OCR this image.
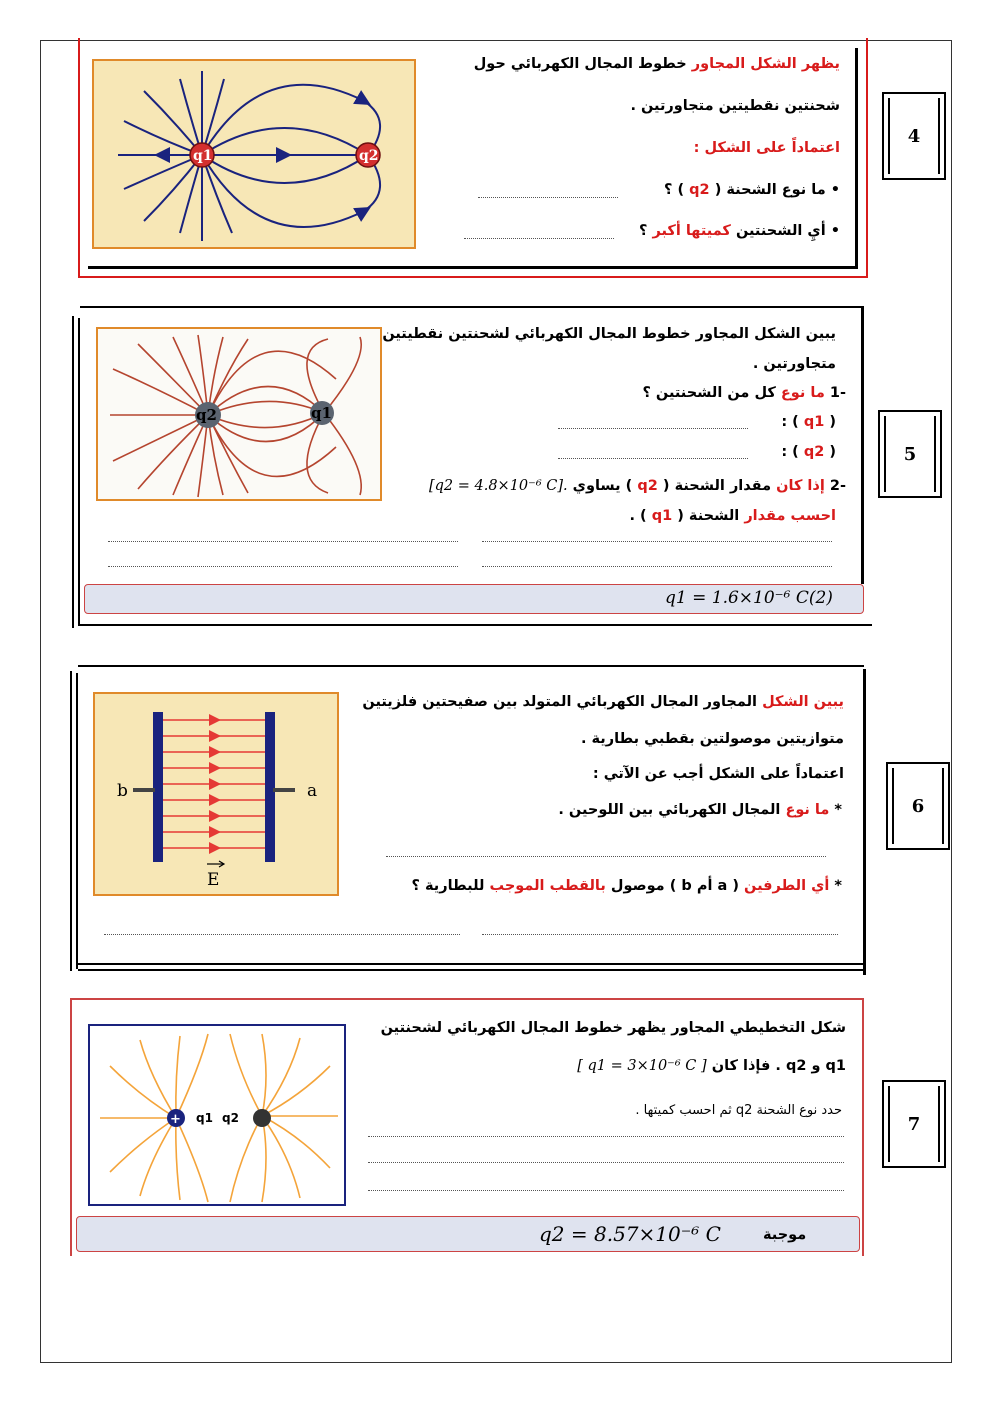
q1	q2
يظهر الشكل المجاور خطوط المجال الكهربائي حول
شحنتين نقطيتين متجاورتين .
اعتماداً على الشكل :
• ما نوع الشحنة ( q2 ) ؟
• أيِ الشحنتين كميتها أكبر ؟
4
q2	q1
يبين الشكل المجاور خطوط المجال الكهربائي لشحنتين نقطيتين
متجاورتين .
-1 ما نوع كل من الشحنتين ؟
( q1 ) :
( q2 ) :
-2 إذا كان مقدار الشحنة ( q2 ) يساوي [q2 = 4.8×10⁻⁶ C].
احسب مقدار الشحنة ( q1 ) .
q1 = 1.6×10⁻⁶ C(2)
5
b	a
E
يبين الشكل المجاور المجال الكهربائي المتولد بين صفيحتين فلزيتين
متوازيتين موصولتين بقطبي بطارية .
اعتماداً على الشكل أجب عن الآتي :
* ما نوع المجال الكهربائي بين اللوحين .
* أي الطرفين ( a أم b ) موصول بالقطب الموجب للبطارية ؟
6
+ q1 q2
شكل التخطيطي المجاور يظهر خطوط المجال الكهربائي لشحنتين
q1 و q2 . فإذا كان [ q1 = 3×10⁻⁶ C ]
حدد نوع الشحنة q2 ثم احسب كميتها .
q2 = 8.57×10⁻⁶ C	موجبة
7
